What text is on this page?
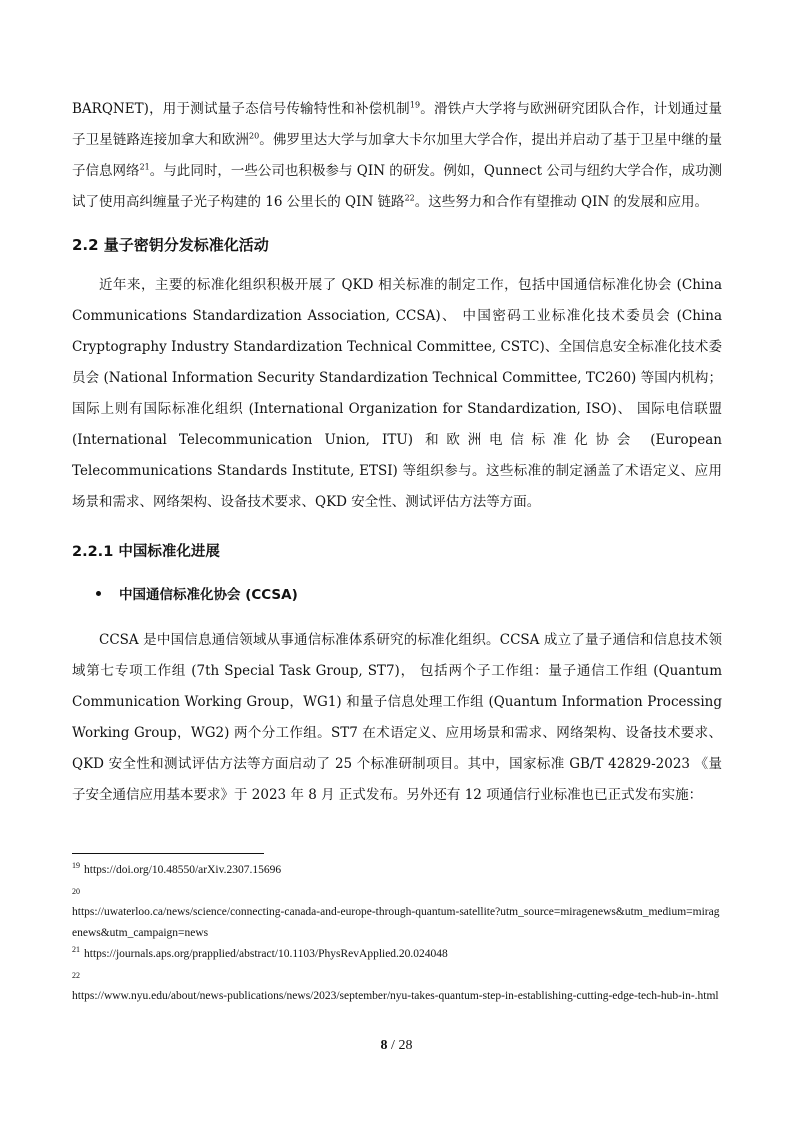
BARQNET)，用于测试量子态信号传输特性和补偿机制$^{19}$。滑铁卢大学将与欧洲研究团队合作，计划通过量子卫星链路连接加拿大和欧洲$^{20}$。佛罗里达大学与加拿大卡尔加里大学合作，提出并启动了基于卫星中继的量子信息网络$^{21}$。与此同时，一些公司也积极参与 QIN 的研发。例如，Qunnect 公司与纽约大学合作，成功测试了使用高纠缠量子光子构建的 16 公里长的 QIN 链路$^{22}$。这些努力和合作有望推动 QIN 的发展和应用。

2.2 量子密钥分发标准化活动

近年来，主要的标准化组织积极开展了 QKD 相关标准的制定工作，包括中国通信标准化协会 (China Communications Standardization Association, CCSA)、 中国密码工业标准化技术委员会 (China Cryptography Industry Standardization Technical Committee, CSTC)、全国信息安全标准化技术委员会 (National Information Security Standardization Technical Committee, TC260) 等国内机构；国际上则有国际标准化组织 (International Organization for Standardization, ISO)、 国际电信联盟 (International Telecommunication Union, ITU) 和欧洲电信标准化协会 (European Telecommunications Standards Institute, ETSI) 等组织参与。这些标准的制定涵盖了术语定义、应用场景和需求、网络架构、设备技术要求、QKD 安全性、测试评估方法等方面。

2.2.1 中国标准化进展
中国通信标准化协会 (CCSA)

CCSA 是中国信息通信领域从事通信标准体系研究的标准化组织。CCSA 成立了量子通信和信息技术领域第七专项工作组 (7th Special Task Group, ST7)， 包括两个子工作组：量子通信工作组 (Quantum Communication Working Group，WG1) 和量子信息处理工作组 (Quantum Information Processing Working Group，WG2) 两个分工作组。ST7 在术语定义、应用场景和需求、网络架构、设备技术要求、QKD 安全性和测试评估方法等方面启动了 25 个标准研制项目。其中，国家标准 GB/T 42829-2023 《量子安全通信应用基本要求》于 2023 年 8 月 正式发布。另外还有 12 项通信行业标准也已正式发布实施：

$^{19}$ https://doi.org/10.48550/arXiv.2307.15696

20

https://uwaterloo.ca/news/science/connecting-canada-and-europe-through-quantum-satellite?utm_source=miragenews&utm_medium=miragenews&utm_campaign=news

$^{21}$ https://journals.aps.org/prapplied/abstract/10.1103/PhysRevApplied.20.024048

22

https://www.nyu.edu/about/news-publications/news/2023/september/nyu-takes-quantum-step-in-establishing-cutting-edge-tech-hub-in-.html

8 / 28
